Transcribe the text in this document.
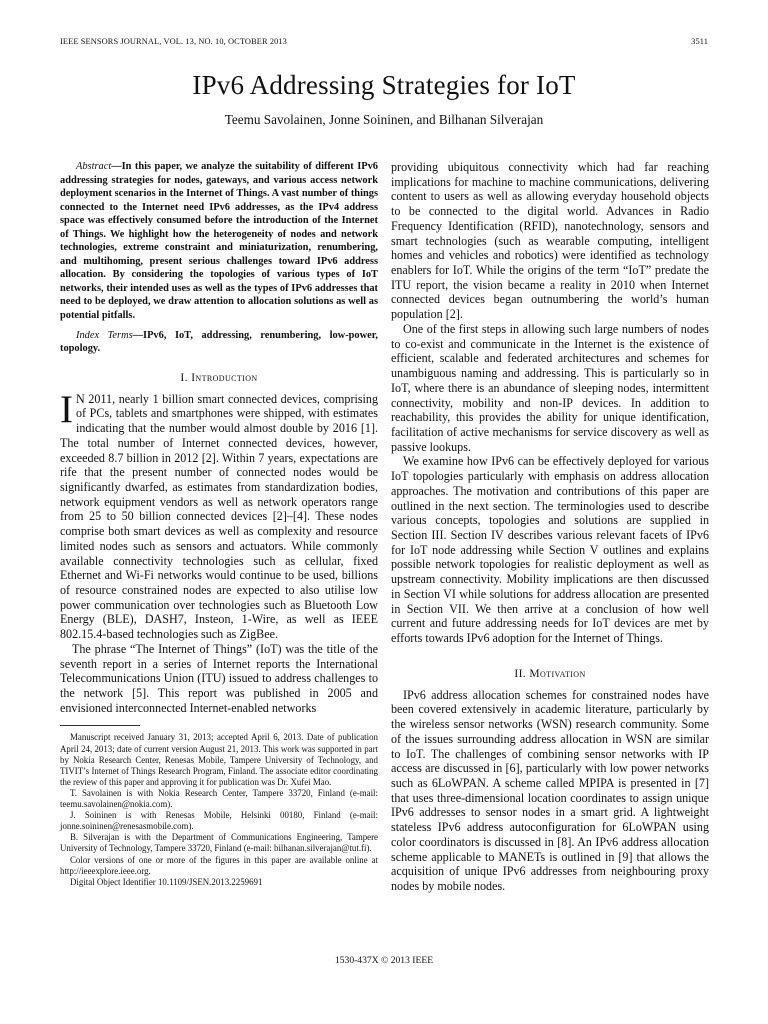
IEEE SENSORS JOURNAL, VOL. 13, NO. 10, OCTOBER 2013	3511
IPv6 Addressing Strategies for IoT
Teemu Savolainen, Jonne Soininen, and Bilhanan Silverajan

Abstract—In this paper, we analyze the suitability of different IPv6 addressing strategies for nodes, gateways, and various access network deployment scenarios in the Internet of Things. A vast number of things connected to the Internet need IPv6 addresses, as the IPv4 address space was effectively consumed before the introduction of the Internet of Things. We highlight how the heterogeneity of nodes and network technologies, extreme constraint and miniaturization, renumbering, and multihoming, present serious challenges toward IPv6 address allocation. By considering the topologies of various types of IoT networks, their intended uses as well as the types of IPv6 addresses that need to be deployed, we draw attention to allocation solutions as well as potential pitfalls.

Index Terms—IPv6, IoT, addressing, renumbering, low-power, topology.

I. Introduction

IN 2011, nearly 1 billion smart connected devices, comprising of PCs, tablets and smartphones were shipped, with estimates indicating that the number would almost double by 2016 [1]. The total number of Internet connected devices, however, exceeded 8.7 billion in 2012 [2]. Within 7 years, expectations are rife that the present number of connected nodes would be significantly dwarfed, as estimates from standardization bodies, network equipment vendors as well as network operators range from 25 to 50 billion connected devices [2]–[4]. These nodes comprise both smart devices as well as complexity and resource limited nodes such as sensors and actuators. While commonly available connectivity technologies such as cellular, fixed Ethernet and Wi-Fi networks would continue to be used, billions of resource constrained nodes are expected to also utilise low power communication over technologies such as Bluetooth Low Energy (BLE), DASH7, Insteon, 1-Wire, as well as IEEE 802.15.4-based technologies such as ZigBee.

The phrase “The Internet of Things” (IoT) was the title of the seventh report in a series of Internet reports the International Telecommunications Union (ITU) issued to address challenges to the network [5]. This report was published in 2005 and envisioned interconnected Internet-enabled networks

Manuscript received January 31, 2013; accepted April 6, 2013. Date of publication April 24, 2013; date of current version August 21, 2013. This work was supported in part by Nokia Research Center, Renesas Mobile, Tampere University of Technology, and TIVIT’s Internet of Things Research Program, Finland. The associate editor coordinating the review of this paper and approving it for publication was Dr. Xufei Mao.

T. Savolainen is with Nokia Research Center, Tampere 33720, Finland (e-mail: teemu.savolainen@nokia.com).

J. Soininen is with Renesas Mobile, Helsinki 00180, Finland (e-mail: jonne.soininen@renesasmobile.com).

B. Silverajan is with the Department of Communications Engineering, Tampere University of Technology, Tampere 33720, Finland (e-mail: bilhanan.silverajan@tut.fi).

Color versions of one or more of the figures in this paper are available online at http://ieeexplore.ieee.org.

Digital Object Identifier 10.1109/JSEN.2013.2259691

providing ubiquitous connectivity which had far reaching implications for machine to machine communications, delivering content to users as well as allowing everyday household objects to be connected to the digital world. Advances in Radio Frequency Identification (RFID), nanotechnology, sensors and smart technologies (such as wearable computing, intelligent homes and vehicles and robotics) were identified as technology enablers for IoT. While the origins of the term “IoT” predate the ITU report, the vision became a reality in 2010 when Internet connected devices began outnumbering the world’s human population [2].

One of the first steps in allowing such large numbers of nodes to co-exist and communicate in the Internet is the existence of efficient, scalable and federated architectures and schemes for unambiguous naming and addressing. This is particularly so in IoT, where there is an abundance of sleeping nodes, intermittent connectivity, mobility and non-IP devices. In addition to reachability, this provides the ability for unique identification, facilitation of active mechanisms for service discovery as well as passive lookups.

We examine how IPv6 can be effectively deployed for various IoT topologies particularly with emphasis on address allocation approaches. The motivation and contributions of this paper are outlined in the next section. The terminologies used to describe various concepts, topologies and solutions are supplied in Section III. Section IV describes various relevant facets of IPv6 for IoT node addressing while Section V outlines and explains possible network topologies for realistic deployment as well as upstream connectivity. Mobility implications are then discussed in Section VI while solutions for address allocation are presented in Section VII. We then arrive at a conclusion of how well current and future addressing needs for IoT devices are met by efforts towards IPv6 adoption for the Internet of Things.

II. Motivation

IPv6 address allocation schemes for constrained nodes have been covered extensively in academic literature, particularly by the wireless sensor networks (WSN) research community. Some of the issues surrounding address allocation in WSN are similar to IoT. The challenges of combining sensor networks with IP access are discussed in [6], particularly with low power networks such as 6LoWPAN. A scheme called MPIPA is presented in [7] that uses three-dimensional location coordinates to assign unique IPv6 addresses to sensor nodes in a smart grid. A lightweight stateless IPv6 address autoconfiguration for 6LoWPAN using color coordinators is discussed in [8]. An IPv6 address allocation scheme applicable to MANETs is outlined in [9] that allows the acquisition of unique IPv6 addresses from neighbouring proxy nodes by mobile nodes.

1530-437X © 2013 IEEE
